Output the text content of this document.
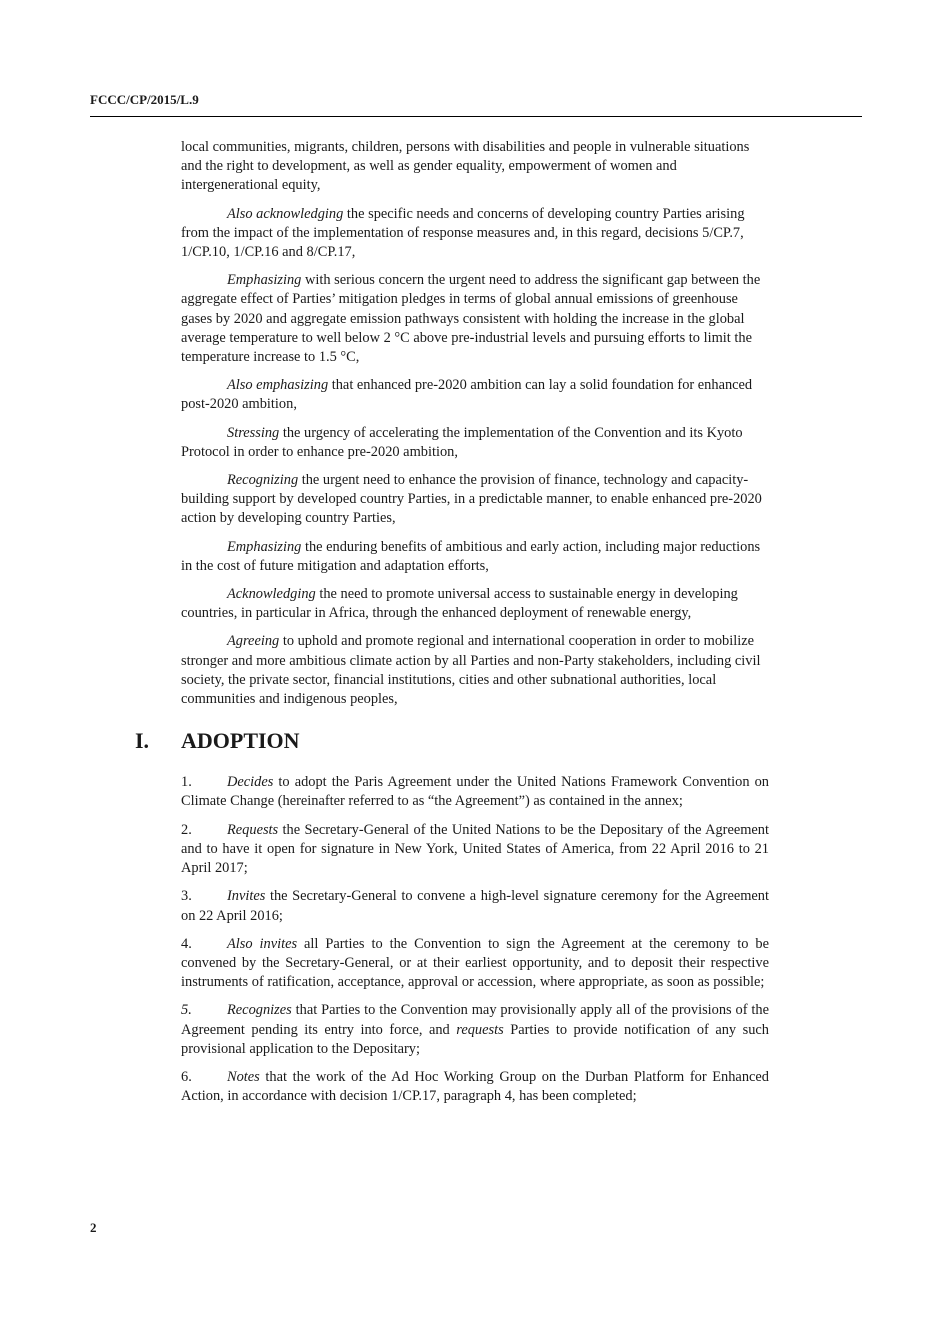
FCCC/CP/2015/L.9

local communities, migrants, children, persons with disabilities and people in vulnerable situations and the right to development, as well as gender equality, empowerment of women and intergenerational equity,

Also acknowledging the specific needs and concerns of developing country Parties arising from the impact of the implementation of response measures and, in this regard, decisions 5/CP.7, 1/CP.10, 1/CP.16 and 8/CP.17,

Emphasizing with serious concern the urgent need to address the significant gap between the aggregate effect of Parties’ mitigation pledges in terms of global annual emissions of greenhouse gases by 2020 and aggregate emission pathways consistent with holding the increase in the global average temperature to well below 2 °C above pre-industrial levels and pursuing efforts to limit the temperature increase to 1.5 °C,

Also emphasizing that enhanced pre-2020 ambition can lay a solid foundation for enhanced post-2020 ambition,

Stressing the urgency of accelerating the implementation of the Convention and its Kyoto Protocol in order to enhance pre-2020 ambition,

Recognizing the urgent need to enhance the provision of finance, technology and capacity-building support by developed country Parties, in a predictable manner, to enable enhanced pre-2020 action by developing country Parties,

Emphasizing the enduring benefits of ambitious and early action, including major reductions in the cost of future mitigation and adaptation efforts,

Acknowledging the need to promote universal access to sustainable energy in developing countries, in particular in Africa, through the enhanced deployment of renewable energy,

Agreeing to uphold and promote regional and international cooperation in order to mobilize stronger and more ambitious climate action by all Parties and non-Party stakeholders, including civil society, the private sector, financial institutions, cities and other subnational authorities, local communities and indigenous peoples,

I. ADOPTION

1. Decides to adopt the Paris Agreement under the United Nations Framework Convention on Climate Change (hereinafter referred to as “the Agreement”) as contained in the annex;

2. Requests the Secretary-General of the United Nations to be the Depositary of the Agreement and to have it open for signature in New York, United States of America, from 22 April 2016 to 21 April 2017;

3. Invites the Secretary-General to convene a high-level signature ceremony for the Agreement on 22 April 2016;

4. Also invites all Parties to the Convention to sign the Agreement at the ceremony to be convened by the Secretary-General, or at their earliest opportunity, and to deposit their respective instruments of ratification, acceptance, approval or accession, where appropriate, as soon as possible;

5. Recognizes that Parties to the Convention may provisionally apply all of the provisions of the Agreement pending its entry into force, and requests Parties to provide notification of any such provisional application to the Depositary;

6. Notes that the work of the Ad Hoc Working Group on the Durban Platform for Enhanced Action, in accordance with decision 1/CP.17, paragraph 4, has been completed;

2
